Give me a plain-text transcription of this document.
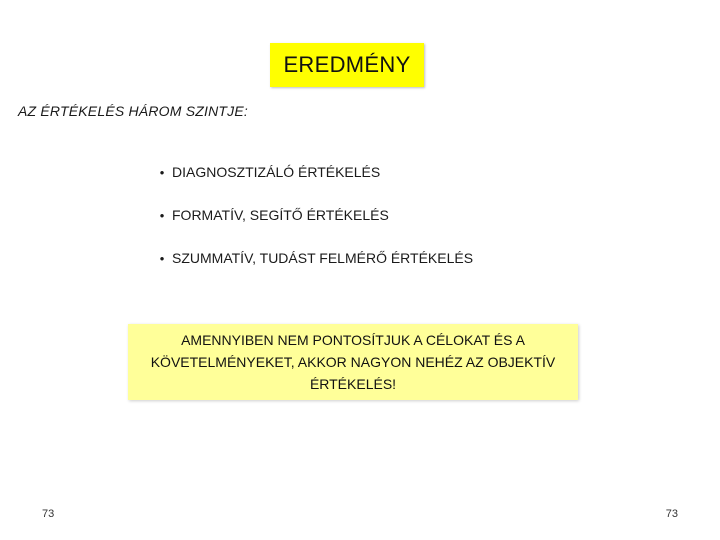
EREDMÉNY
AZ ÉRTÉKELÉS HÁROM SZINTJE:
• DIAGNOSZTIZÁLÓ ÉRTÉKELÉS
• FORMATÍV, SEGÍTŐ ÉRTÉKELÉS
• SZUMMATÍV, TUDÁST FELMÉRŐ ÉRTÉKELÉS
AMENNYIBEN NEM PONTOSÍTJUK A CÉLOKAT ÉS A KÖVETELMÉNYEKET, AKKOR NAGYON NEHÉZ AZ OBJEKTÍV ÉRTÉKELÉS!
73	73
